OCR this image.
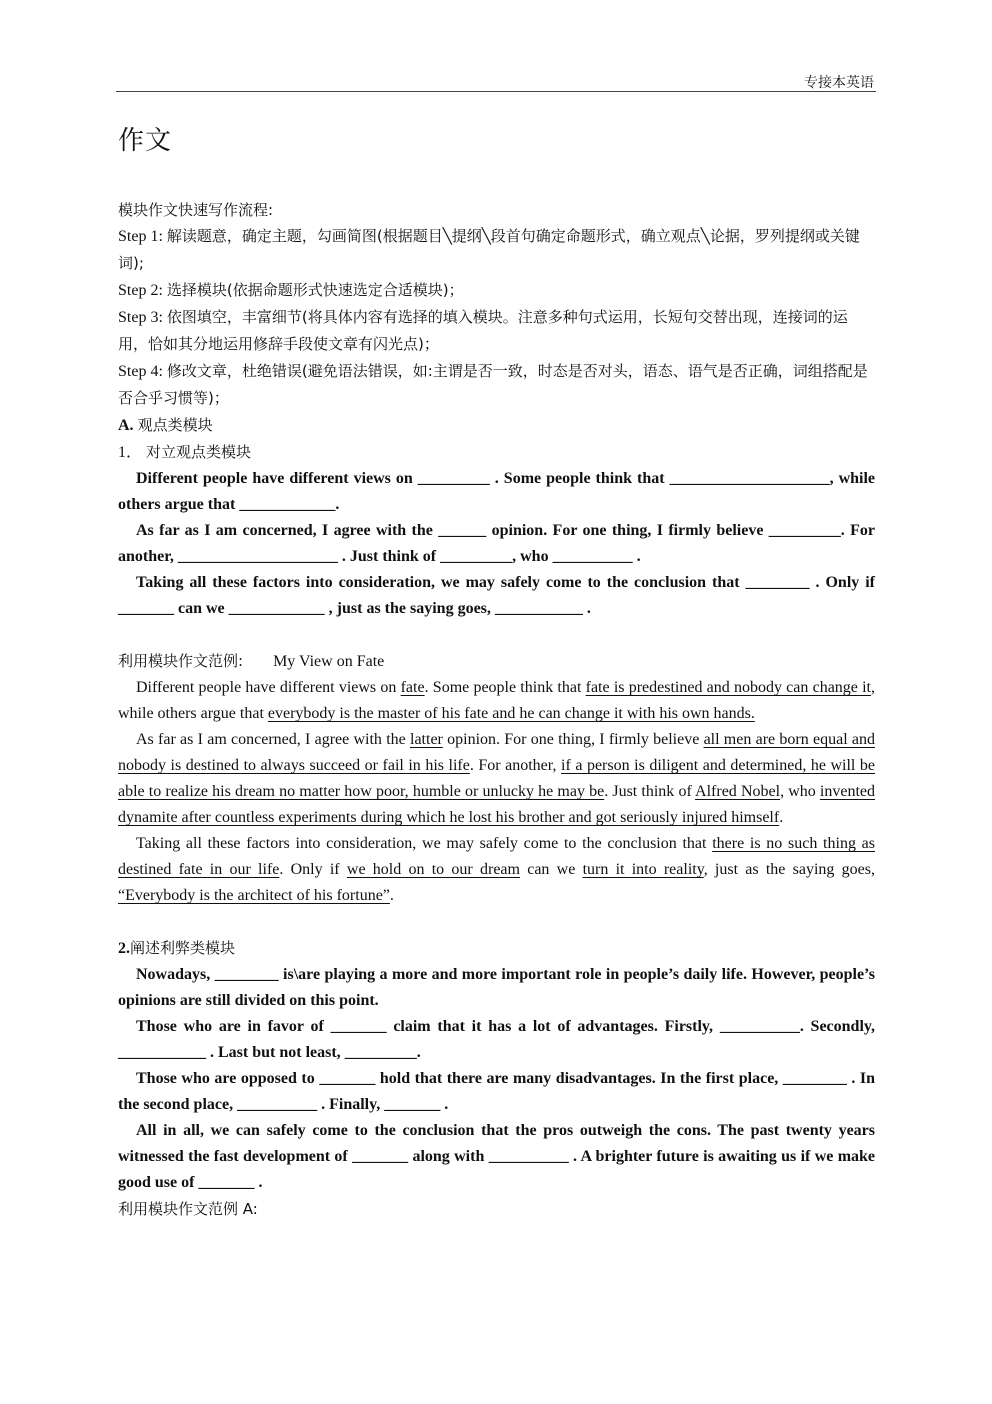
专接本英语
作文

模块作文快速写作流程:

Step 1: 解读题意，确定主题，勾画简图(根据题目╲提纲╲段首句确定命题形式，确立观点╲论据，罗列提纲或关键词);

Step 2: 选择模块(依据命题形式快速选定合适模块)；

Step 3: 依图填空，丰富细节(将具体内容有选择的填入模块。注意多种句式运用，长短句交替出现，连接词的运用，恰如其分地运用修辞手段使文章有闪光点)；

Step 4: 修改文章，杜绝错误(避免语法错误，如:主谓是否一致，时态是否对头，语态、语气是否正确，词组搭配是否合乎习惯等)；

A. 观点类模块

1． 对立观点类模块

Different people have different views on _________ . Some people think that ____________________, while others argue that ____________.

As far as I am concerned, I agree with the ______ opinion. For one thing, I firmly believe _________. For another, ____________________ . Just think of _________, who __________ .

Taking all these factors into consideration, we may safely come to the conclusion that ________ . Only if _______ can we ____________ , just as the saying goes, ___________ .

利用模块作文范例: My View on Fate

Different people have different views on fate. Some people think that fate is predestined and nobody can change it, while others argue that everybody is the master of his fate and he can change it with his own hands.

As far as I am concerned, I agree with the latter opinion. For one thing, I firmly believe all men are born equal and nobody is destined to always succeed or fail in his life. For another, if a person is diligent and determined, he will be able to realize his dream no matter how poor, humble or unlucky he may be. Just think of Alfred Nobel, who invented dynamite after countless experiments during which he lost his brother and got seriously injured himself.

Taking all these factors into consideration, we may safely come to the conclusion that there is no such thing as destined fate in our life. Only if we hold on to our dream can we turn it into reality, just as the saying goes, “Everybody is the architect of his fortune”.

2.阐述利弊类模块

Nowadays, ________ is\are playing a more and more important role in people’s daily life. However, people’s opinions are still divided on this point.

Those who are in favor of _______ claim that it has a lot of advantages. Firstly, __________. Secondly, ___________ . Last but not least, _________.

Those who are opposed to _______ hold that there are many disadvantages. In the first place, ________ . In the second place, __________ . Finally, _______ .

All in all, we can safely come to the conclusion that the pros outweigh the cons. The past twenty years witnessed the fast development of _______ along with __________ . A brighter future is awaiting us if we make good use of _______ .

利用模块作文范例 A:
